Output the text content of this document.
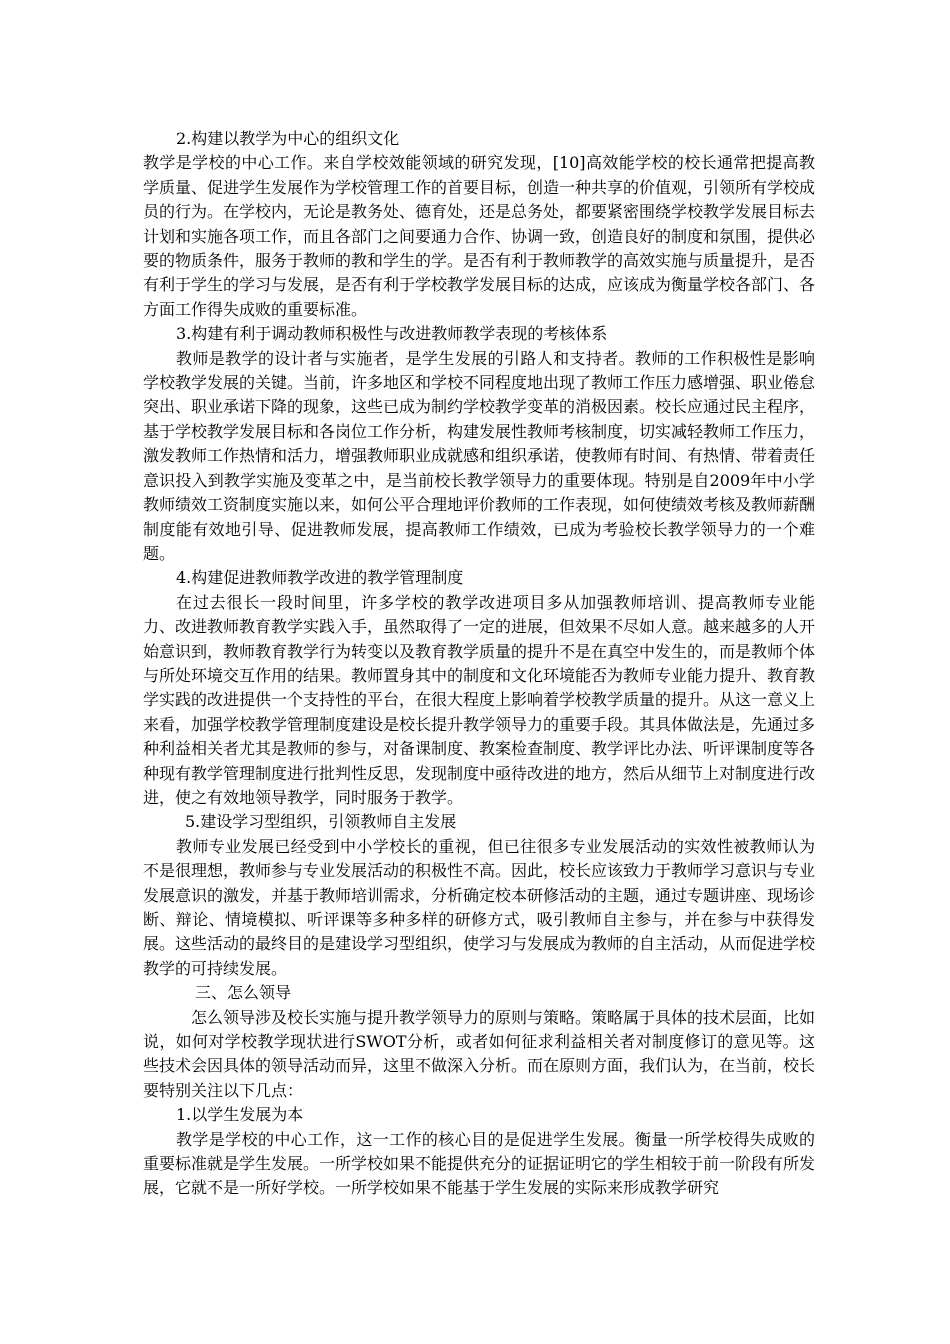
2.构建以教学为中心的组织文化

教学是学校的中心工作。来自学校效能领域的研究发现，[10]高效能学校的校长通常把提高教学质量、促进学生发展作为学校管理工作的首要目标，创造一种共享的价值观，引领所有学校成员的行为。在学校内，无论是教务处、德育处，还是总务处，都要紧密围绕学校教学发展目标去计划和实施各项工作，而且各部门之间要通力合作、协调一致，创造良好的制度和氛围，提供必要的物质条件，服务于教师的教和学生的学。是否有利于教师教学的高效实施与质量提升，是否有利于学生的学习与发展，是否有利于学校教学发展目标的达成，应该成为衡量学校各部门、各方面工作得失成败的重要标准。

3.构建有利于调动教师积极性与改进教师教学表现的考核体系

教师是教学的设计者与实施者，是学生发展的引路人和支持者。教师的工作积极性是影响学校教学发展的关键。当前，许多地区和学校不同程度地出现了教师工作压力感增强、职业倦怠突出、职业承诺下降的现象，这些已成为制约学校教学变革的消极因素。校长应通过民主程序，基于学校教学发展目标和各岗位工作分析，构建发展性教师考核制度，切实减轻教师工作压力，激发教师工作热情和活力，增强教师职业成就感和组织承诺，使教师有时间、有热情、带着责任意识投入到教学实施及变革之中，是当前校长教学领导力的重要体现。特别是自2009年中小学教师绩效工资制度实施以来，如何公平合理地评价教师的工作表现，如何使绩效考核及教师薪酬制度能有效地引导、促进教师发展，提高教师工作绩效，已成为考验校长教学领导力的一个难题。

4.构建促进教师教学改进的教学管理制度

在过去很长一段时间里，许多学校的教学改进项目多从加强教师培训、提高教师专业能力、改进教师教育教学实践入手，虽然取得了一定的进展，但效果不尽如人意。越来越多的人开始意识到，教师教育教学行为转变以及教育教学质量的提升不是在真空中发生的，而是教师个体与所处环境交互作用的结果。教师置身其中的制度和文化环境能否为教师专业能力提升、教育教学实践的改进提供一个支持性的平台，在很大程度上影响着学校教学质量的提升。从这一意义上来看，加强学校教学管理制度建设是校长提升教学领导力的重要手段。其具体做法是，先通过多种利益相关者尤其是教师的参与，对备课制度、教案检查制度、教学评比办法、听评课制度等各种现有教学管理制度进行批判性反思，发现制度中亟待改进的地方，然后从细节上对制度进行改进，使之有效地领导教学，同时服务于教学。

5.建设学习型组织，引领教师自主发展

教师专业发展已经受到中小学校长的重视，但已往很多专业发展活动的实效性被教师认为不是很理想，教师参与专业发展活动的积极性不高。因此，校长应该致力于教师学习意识与专业发展意识的激发，并基于教师培训需求，分析确定校本研修活动的主题，通过专题讲座、现场诊断、辩论、情境模拟、听评课等多种多样的研修方式，吸引教师自主参与，并在参与中获得发展。这些活动的最终目的是建设学习型组织，使学习与发展成为教师的自主活动，从而促进学校教学的可持续发展。

三、怎么领导

怎么领导涉及校长实施与提升教学领导力的原则与策略。策略属于具体的技术层面，比如说，如何对学校教学现状进行SWOT分析，或者如何征求利益相关者对制度修订的意见等。这些技术会因具体的领导活动而异，这里不做深入分析。而在原则方面，我们认为，在当前，校长要特别关注以下几点：

1.以学生发展为本

教学是学校的中心工作，这一工作的核心目的是促进学生发展。衡量一所学校得失成败的重要标准就是学生发展。一所学校如果不能提供充分的证据证明它的学生相较于前一阶段有所发展，它就不是一所好学校。一所学校如果不能基于学生发展的实际来形成教学研究
